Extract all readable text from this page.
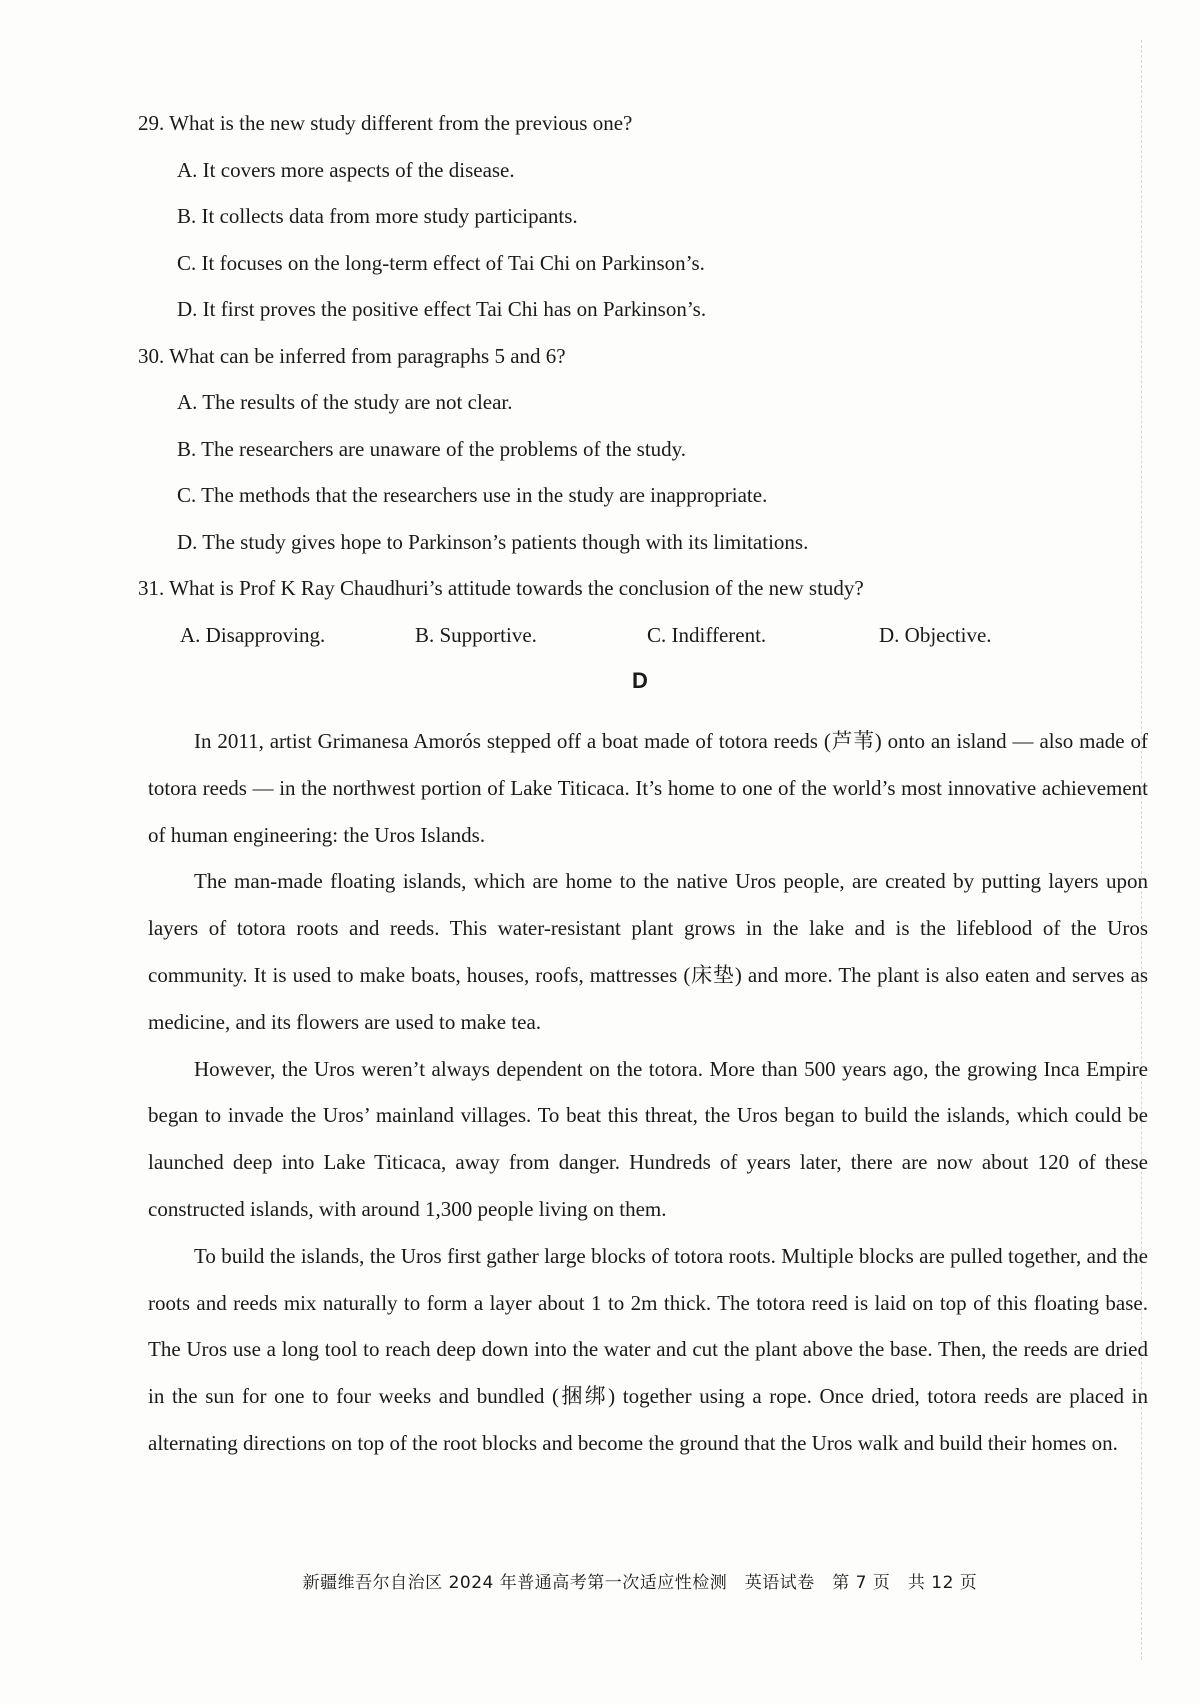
29. What is the new study different from the previous one?
A. It covers more aspects of the disease.
B. It collects data from more study participants.
C. It focuses on the long-term effect of Tai Chi on Parkinson’s.
D. It first proves the positive effect Tai Chi has on Parkinson’s.
30. What can be inferred from paragraphs 5 and 6?
A. The results of the study are not clear.
B. The researchers are unaware of the problems of the study.
C. The methods that the researchers use in the study are inappropriate.
D. The study gives hope to Parkinson’s patients though with its limitations.
31. What is Prof K Ray Chaudhuri’s attitude towards the conclusion of the new study?
A. Disapproving.	B. Supportive.	C. Indifferent.	D. Objective.
D

In 2011, artist Grimanesa Amorós stepped off a boat made of totora reeds (芦苇) onto an island — also made of totora reeds — in the northwest portion of Lake Titicaca. It’s home to one of the world’s most innovative achievement of human engineering: the Uros Islands.

The man-made floating islands, which are home to the native Uros people, are created by putting layers upon layers of totora roots and reeds. This water-resistant plant grows in the lake and is the lifeblood of the Uros community. It is used to make boats, houses, roofs, mattresses (床垫) and more. The plant is also eaten and serves as medicine, and its flowers are used to make tea.

However, the Uros weren’t always dependent on the totora. More than 500 years ago, the growing Inca Empire began to invade the Uros’ mainland villages. To beat this threat, the Uros began to build the islands, which could be launched deep into Lake Titicaca, away from danger. Hundreds of years later, there are now about 120 of these constructed islands, with around 1,300 people living on them.

To build the islands, the Uros first gather large blocks of totora roots. Multiple blocks are pulled together, and the roots and reeds mix naturally to form a layer about 1 to 2m thick. The totora reed is laid on top of this floating base. The Uros use a long tool to reach deep down into the water and cut the plant above the base. Then, the reeds are dried in the sun for one to four weeks and bundled (捆绑) together using a rope. Once dried, totora reeds are placed in alternating directions on top of the root blocks and become the ground that the Uros walk and build their homes on.

新疆维吾尔自治区 2024 年普通高考第一次适应性检测　英语试卷　第 7 页　共 12 页
